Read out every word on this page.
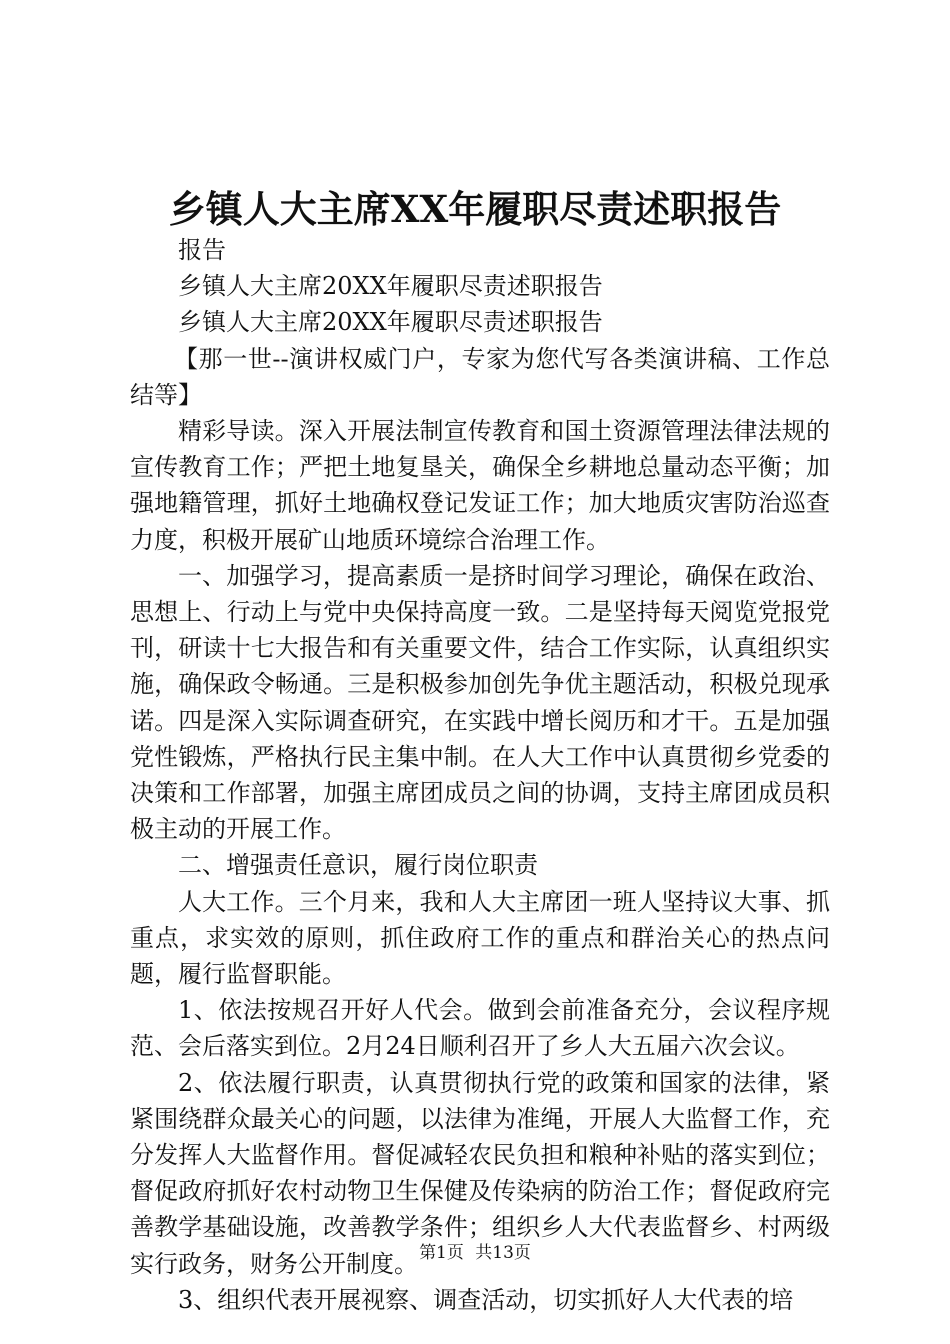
乡镇人大主席XX年履职尽责述职报告

报告

乡镇人大主席20XX年履职尽责述职报告

乡镇人大主席20XX年履职尽责述职报告

【那一世--演讲权威门户，专家为您代写各类演讲稿、工作总结等】

精彩导读。深入开展法制宣传教育和国土资源管理法律法规的宣传教育工作；严把土地复垦关，确保全乡耕地总量动态平衡；加强地籍管理，抓好土地确权登记发证工作；加大地质灾害防治巡查力度，积极开展矿山地质环境综合治理工作。

一、加强学习，提高素质一是挤时间学习理论，确保在政治、思想上、行动上与党中央保持高度一致。二是坚持每天阅览党报党刊，研读十七大报告和有关重要文件，结合工作实际，认真组织实施，确保政令畅通。三是积极参加创先争优主题活动，积极兑现承诺。四是深入实际调查研究，在实践中增长阅历和才干。五是加强党性锻炼，严格执行民主集中制。在人大工作中认真贯彻乡党委的决策和工作部署，加强主席团成员之间的协调，支持主席团成员积极主动的开展工作。

二、增强责任意识，履行岗位职责

人大工作。三个月来，我和人大主席团一班人坚持议大事、抓重点，求实效的原则，抓住政府工作的重点和群治关心的热点问题，履行监督职能。

1、依法按规召开好人代会。做到会前准备充分，会议程序规范、会后落实到位。2月24日顺利召开了乡人大五届六次会议。

2、依法履行职责，认真贯彻执行党的政策和国家的法律，紧紧围绕群众最关心的问题，以法律为准绳，开展人大监督工作，充分发挥人大监督作用。督促减轻农民负担和粮种补贴的落实到位；督促政府抓好农村动物卫生保健及传染病的防治工作；督促政府完善教学基础设施，改善教学条件；组织乡人大代表监督乡、村两级实行政务，财务公开制度。

3、组织代表开展视察、调查活动，切实抓好人大代表的培

第1页 共13页
